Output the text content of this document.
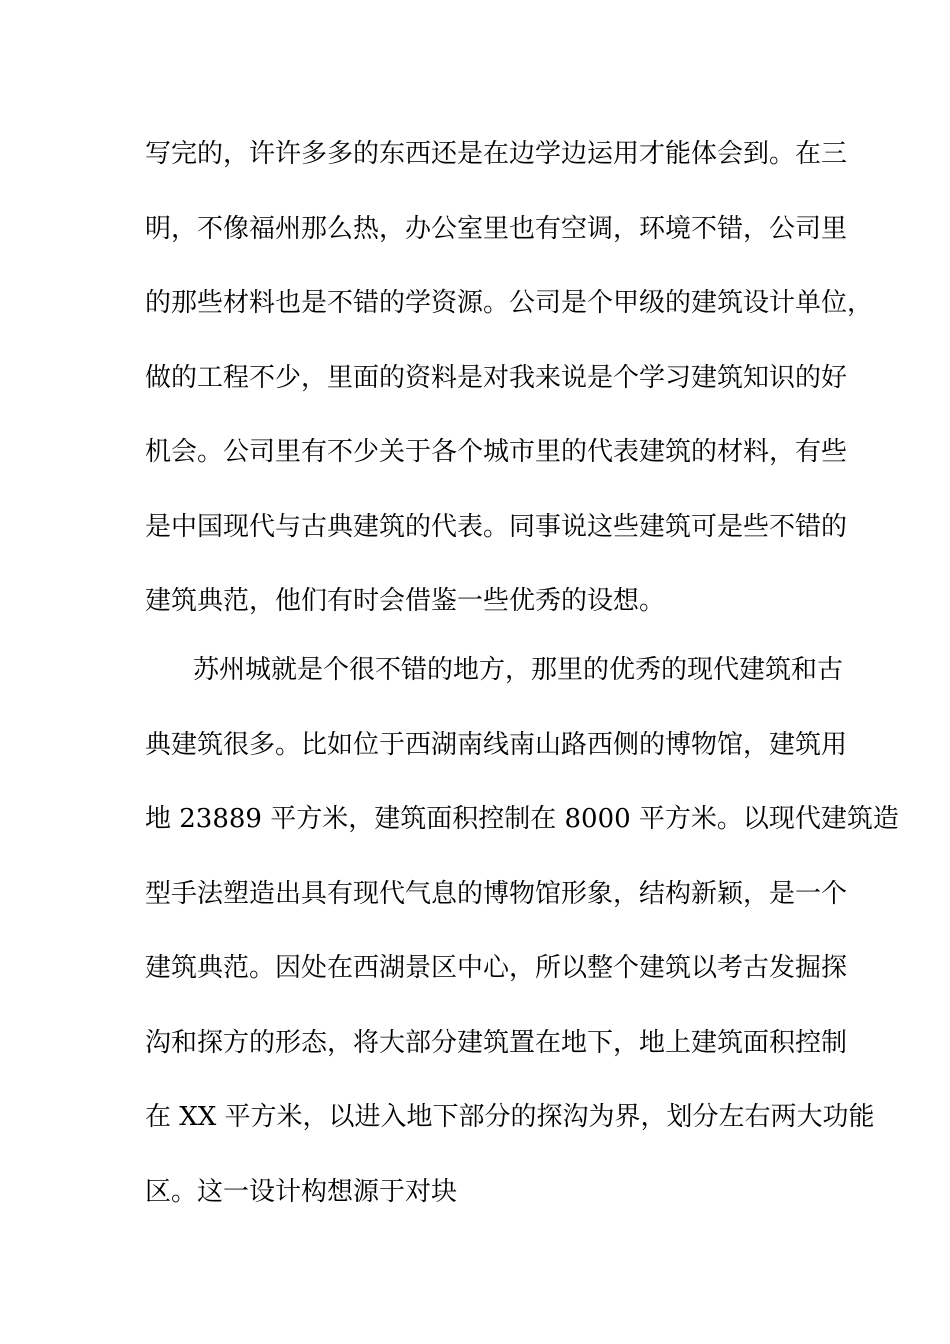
写完的，许许多多的东西还是在边学边运用才能体会到。在三
明，不像福州那么热，办公室里也有空调，环境不错，公司里
的那些材料也是不错的学资源。公司是个甲级的建筑设计单位，
做的工程不少，里面的资料是对我来说是个学习建筑知识的好
机会。公司里有不少关于各个城市里的代表建筑的材料，有些
是中国现代与古典建筑的代表。同事说这些建筑可是些不错的
建筑典范，他们有时会借鉴一些优秀的设想。
苏州城就是个很不错的地方，那里的优秀的现代建筑和古
典建筑很多。比如位于西湖南线南山路西侧的博物馆，建筑用
地 23889 平方米，建筑面积控制在 8000 平方米。以现代建筑造
型手法塑造出具有现代气息的博物馆形象，结构新颖，是一个
建筑典范。因处在西湖景区中心，所以整个建筑以考古发掘探
沟和探方的形态，将大部分建筑置在地下，地上建筑面积控制
在 XX 平方米，以进入地下部分的探沟为界，划分左右两大功能
区。这一设计构想源于对块
